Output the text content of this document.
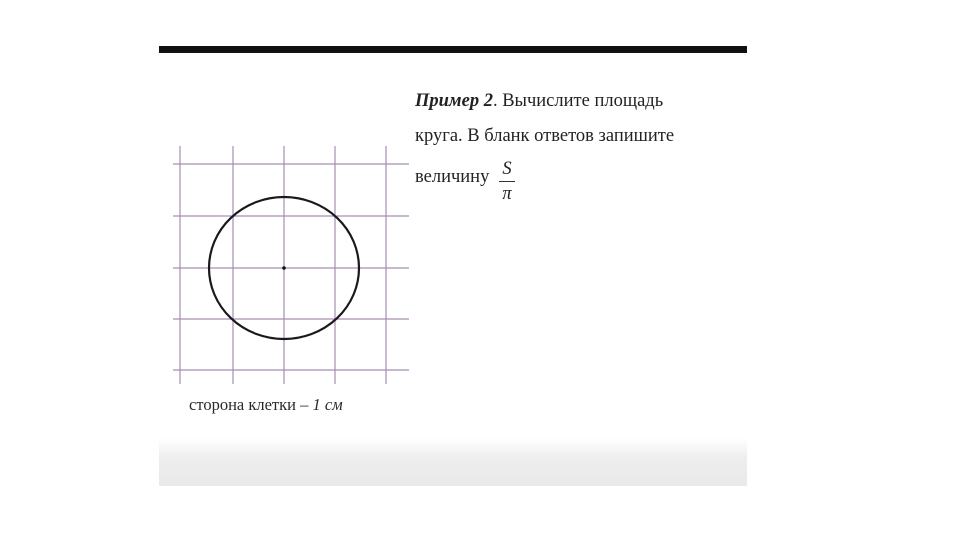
сторона клетки – 1 см
Пример 2. Вычислите площадь
круга. В бланк ответов запишите
величину $\frac{S}{\pi}$
